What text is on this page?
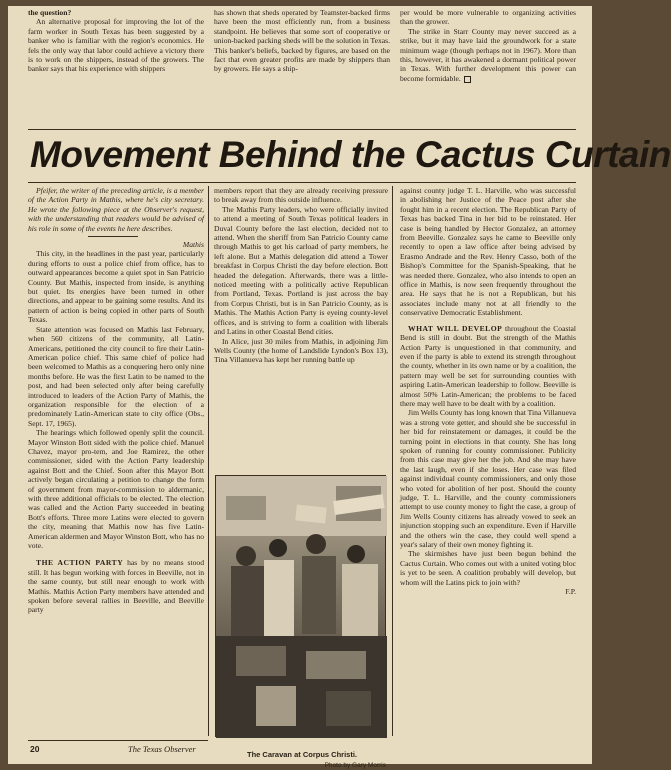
the question?

An alternative proposal for improving the lot of the farm worker in South Texas has been suggested by a banker who is familiar with the region's economics. He fels the only way that labor could achieve a victory there is to work on the shippers, instead of the growers. The banker says that his experience with shippers

has shown that sheds operated by Teamster-backed firms have been the most efficiently run, from a business standpoint. He believes that some sort of cooperative or union-backed packing sheds will be the solution in Texas. This banker's beliefs, backed by figures, are based on the fact that even greater profits are made by shippers than by growers. He says a ship-

per would be more vulnerable to organizing activities than the grower.

The strike in Starr County may never succeed as a strike, but it may have laid the groundwork for a state minimum wage (though perhaps not in 1967). More than this, however, it has awakened a dormant political power in Texas. With further development this power can become formidable.

Movement Behind the Cactus Curtain

Pfeifer, the writer of the preceding article, is a member of the Action Party in Mathis, where he's city secretary. He wrote the following piece at the Observer's request, with the understanding that readers would be advised of his role in some of the events he here describes.

Mathis

This city, in the headlines in the past year, particularly during efforts to oust a police chief from office, has to outward appearances become a quiet spot in San Patricio County. But Mathis, inspected from inside, is anything but quiet. Its energies have been turned in other directions, and appear to be gaining some results. And its pattern of action is being copied in other parts of South Texas.

State attention was focused on Mathis last February, when 560 citizens of the community, all Latin-Americans, petitioned the city council to fire their Latin-American police chief. This same chief of police had been welcomed to Mathis as a conquering hero only nine months before. He was the first Latin to be named to the post, and had been selected only after being carefully introduced to leaders of the Action Party of Mathis, the organization responsible for the election of a predominately Latin-American state to city office (Obs., Sept. 17, 1965).

The hearings which followed openly split the council. Mayor Winston Bott sided with the police chief. Manuel Chavez, mayor pro-tem, and Joe Ramirez, the other commissioner, sided with the Action Party leadership against Bott and the Chief. Soon after this Mayor Bott actively began circulating a petition to change the form of government from mayor-commission to aldermanic, with three additional officials to be elected. The election was called and the Action Party succeeded in beating Bott's efforts. Three more Latins were elected to govern the city, meaning that Mathis now has five Latin-American aldermen and Mayor Winston Bott, who has no vote.

THE ACTION PARTY has by no means stood still. It has begun working with forces in Beeville, not in the same county, but still near enough to work with Mathis. Mathis Action Party members have attended and spoken before several rallies in Beeville, and Beeville party

members report that they are already receiving pressure to break away from this outside influence.

The Mathis Party leaders, who were officially invited to attend a meeting of South Texas political leaders in Duval County before the last election, decided not to attend. When the sheriff from San Patricio County came through Mathis to get his carload of party members, he left alone. But a Mathis delegation did attend a Tower breakfast in Corpus Christi the day before election. Bott headed the delegation. Afterwards, there was a little-noticed meeting with a politically active Republican from Portland, Texas. Portland is just across the bay from Corpus Christi, but is in San Patricio County, as is Mathis. The Mathis Action Party is eyeing county-level offices, and is striving to form a coalition with liberals and Latins in other Coastal Bend cities.

In Alice, just 30 miles from Mathis, in adjoining Jim Wells County (the home of Landslide Lyndon's Box 13), Tina Villanueva has kept her running battle up

The Caravan at Corpus Christi.
Photo by Gary Morris

against county judge T. L. Harville, who was successful in abolishing her Justice of the Peace post after she fought him in a recent election. The Republican Party of Texas has backed Tina in her bid to be reinstated. Her case is being handled by Hector Gonzalez, an attorney from Beeville. Gonzalez says he came to Beeville only recently to open a law office after being advised by Erasmo Andrade and the Rev. Henry Casso, both of the Bishop's Committee for the Spanish-Speaking, that he was needed there. Gonzalez, who also intends to open an office in Mathis, is now seen frequently throughout the area. He says that he is not a Republican, but his associates include many not at all friendly to the conservative Democratic Establishment.

WHAT WILL DEVELOP throughout the Coastal Bend is still in doubt. But the strength of the Mathis Action Party is unquestioned in that community, and even if the party is able to extend its strength throughout the county, whether in its own name or by a coalition, the pattern may well be set for surrounding counties with aspiring Latin-American leadership to follow. Beeville is almost 50% Latin-American; the problems to be faced there may well have to be dealt with by a coalition.

Jim Wells County has long known that Tina Villanueva was a strong vote getter, and should she be successful in her bid for reinstatement or damages, it could be the turning point in elections in that county. She has long spoken of running for county commissioner. Publicity from this case may give her the job. And she may have the last laugh, even if she loses. Her case was filed against individual county commissioners, and only those who voted for abolition of her post. Should the county judge, T. L. Harville, and the county commissioners attempt to use county money to fight the case, a group of Jim Wells County citizens has already vowed to seek an injunction stopping such an expenditure. Even if Harville and the others win the case, they could well spend a year's salary of their own money fighting it.

The skirmishes have just been begun behind the Cactus Curtain. Who comes out with a united voting bloc is yet to be seen. A coalition probably will develop, but whom will the Latins pick to join with?

F.P.
20	The Texas Observer
